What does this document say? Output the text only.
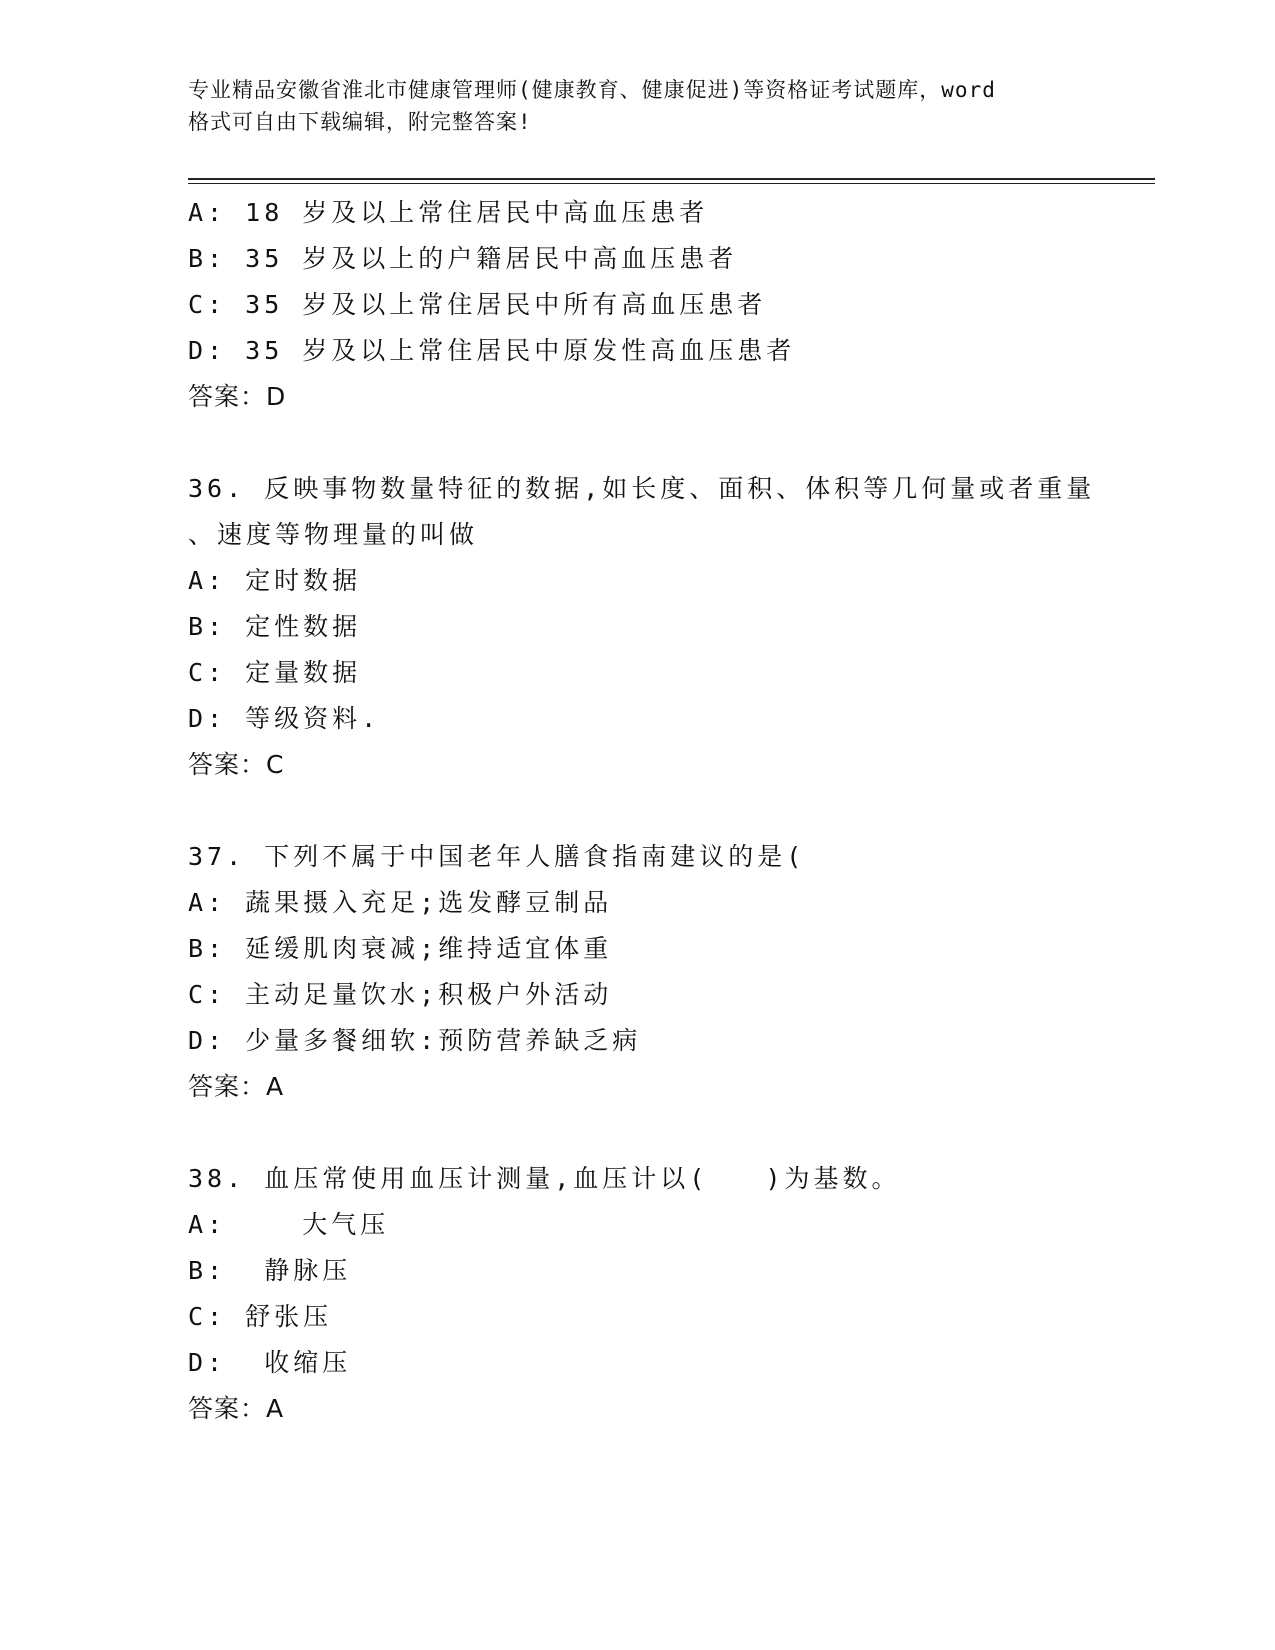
专业精品安徽省淮北市健康管理师(健康教育、健康促进)等资格证考试题库，word
格式可自由下载编辑，附完整答案!
A: 18 岁及以上常住居民中高血压患者
B: 35 岁及以上的户籍居民中高血压患者
C: 35 岁及以上常住居民中所有高血压患者
D: 35 岁及以上常住居民中原发性高血压患者
答案：D
36. 反映事物数量特征的数据,如长度、面积、体积等几何量或者重量
、速度等物理量的叫做
A: 定时数据
B: 定性数据
C: 定量数据
D: 等级资料.
答案：C
37. 下列不属于中国老年人膳食指南建议的是(
A: 蔬果摄入充足;选发酵豆制品
B: 延缓肌肉衰减;维持适宜体重
C: 主动足量饮水;积极户外活动
D: 少量多餐细软:预防营养缺乏病
答案：A
38. 血压常使用血压计测量,血压计以(   )为基数。
A:    大气压
B:  静脉压
C: 舒张压
D:  收缩压
答案：A
